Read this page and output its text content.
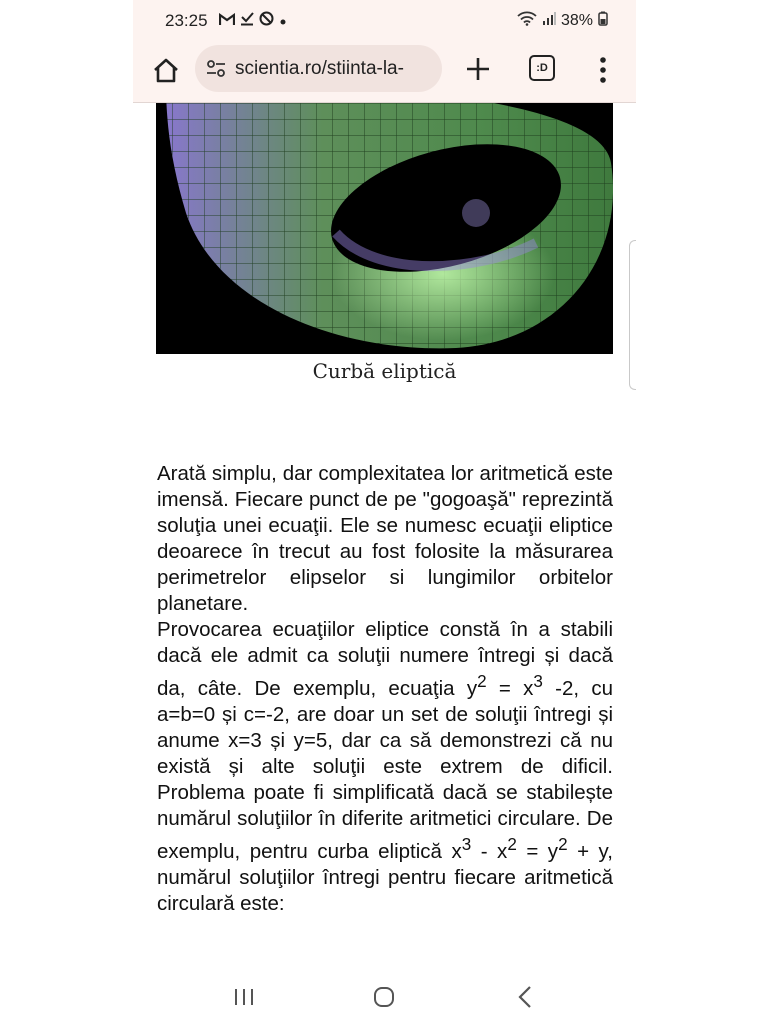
23:25	38%
scientia.ro/stiinta-la-	:D
Curbă eliptică

Arată simplu, dar complexitatea lor aritmetică este imensă. Fiecare punct de pe "gogoaşă" reprezintă soluţia unei ecuaţii. Ele se numesc ecuaţii eliptice deoarece în trecut au fost folosite la măsurarea perimetrelor elipselor si lungimilor orbitelor planetare.

Provocarea ecuaţiilor eliptice constă în a stabili dacă ele admit ca soluţii numere întregi și dacă da, câte. De exemplu, ecuaţia $y^2 = x^3$ -2, cu a=b=0 și c=-2, are doar un set de soluţii întregi și anume x=3 și y=5, dar ca să demonstrezi că nu există și alte soluţii este extrem de dificil. Problema poate fi simplificată dacă se stabilește numărul soluţiilor în diferite aritmetici circulare. De exemplu, pentru curba eliptică $x^3 - x^2 = y^2 + y$, numărul soluţiilor întregi pentru fiecare aritmetică circulară este:
